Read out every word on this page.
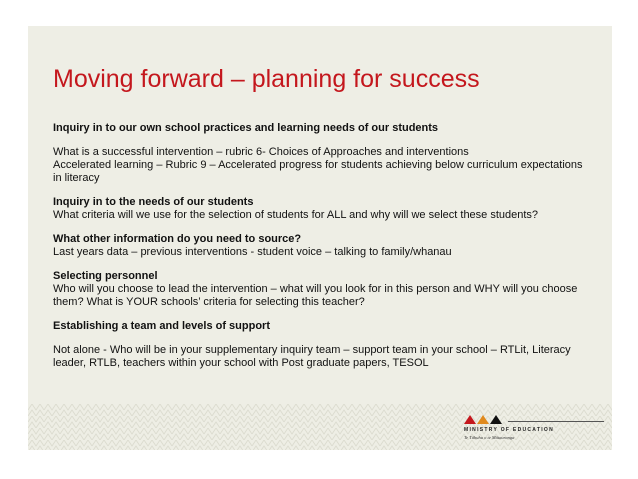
Moving forward – planning for success

Inquiry in to our own school practices and learning needs of our students

What is a successful intervention – rubric 6- Choices of Approaches and interventions

Accelerated learning – Rubric 9 – Accelerated progress for students achieving below curriculum expectations in literacy

Inquiry in to the needs of our students

What criteria will we use for the selection of students for ALL and why will we select these students?

What other information do you need to source?

Last years data – previous interventions - student voice – talking to family/whanau

Selecting personnel

Who will you choose to lead the intervention – what will you look for in this person and WHY will you choose them? What is YOUR schools’ criteria for selecting this teacher?

Establishing a team and levels of support

Not alone - Who will be in your supplementary inquiry team – support team in your school – RTLit, Literacy leader, RTLB, teachers within your school with Post graduate papers, TESOL

MINISTRY OF EDUCATION
Te Tāhuhu o te Mātauranga
